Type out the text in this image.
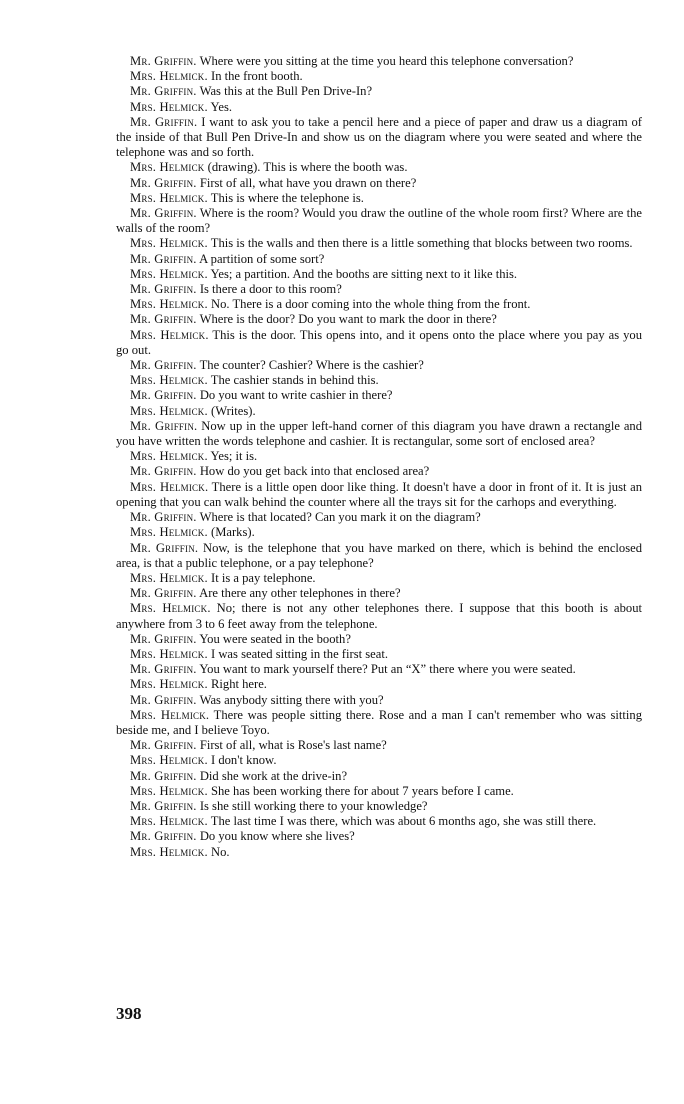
Mr. Griffin. Where were you sitting at the time you heard this telephone conversation?

Mrs. Helmick. In the front booth.

Mr. Griffin. Was this at the Bull Pen Drive-In?

Mrs. Helmick. Yes.

Mr. Griffin. I want to ask you to take a pencil here and a piece of paper and draw us a diagram of the inside of that Bull Pen Drive-In and show us on the diagram where you were seated and where the telephone was and so forth.

Mrs. Helmick (drawing). This is where the booth was.

Mr. Griffin. First of all, what have you drawn on there?

Mrs. Helmick. This is where the telephone is.

Mr. Griffin. Where is the room? Would you draw the outline of the whole room first? Where are the walls of the room?

Mrs. Helmick. This is the walls and then there is a little something that blocks between two rooms.

Mr. Griffin. A partition of some sort?

Mrs. Helmick. Yes; a partition. And the booths are sitting next to it like this.

Mr. Griffin. Is there a door to this room?

Mrs. Helmick. No. There is a door coming into the whole thing from the front.

Mr. Griffin. Where is the door? Do you want to mark the door in there?

Mrs. Helmick. This is the door. This opens into, and it opens onto the place where you pay as you go out.

Mr. Griffin. The counter? Cashier? Where is the cashier?

Mrs. Helmick. The cashier stands in behind this.

Mr. Griffin. Do you want to write cashier in there?

Mrs. Helmick. (Writes).

Mr. Griffin. Now up in the upper left-hand corner of this diagram you have drawn a rectangle and you have written the words telephone and cashier. It is rectangular, some sort of enclosed area?

Mrs. Helmick. Yes; it is.

Mr. Griffin. How do you get back into that enclosed area?

Mrs. Helmick. There is a little open door like thing. It doesn't have a door in front of it. It is just an opening that you can walk behind the counter where all the trays sit for the carhops and everything.

Mr. Griffin. Where is that located? Can you mark it on the diagram?

Mrs. Helmick. (Marks).

Mr. Griffin. Now, is the telephone that you have marked on there, which is behind the enclosed area, is that a public telephone, or a pay telephone?

Mrs. Helmick. It is a pay telephone.

Mr. Griffin. Are there any other telephones in there?

Mrs. Helmick. No; there is not any other telephones there. I suppose that this booth is about anywhere from 3 to 6 feet away from the telephone.

Mr. Griffin. You were seated in the booth?

Mrs. Helmick. I was seated sitting in the first seat.

Mr. Griffin. You want to mark yourself there? Put an “X” there where you were seated.

Mrs. Helmick. Right here.

Mr. Griffin. Was anybody sitting there with you?

Mrs. Helmick. There was people sitting there. Rose and a man I can't remember who was sitting beside me, and I believe Toyo.

Mr. Griffin. First of all, what is Rose's last name?

Mrs. Helmick. I don't know.

Mr. Griffin. Did she work at the drive-in?

Mrs. Helmick. She has been working there for about 7 years before I came.

Mr. Griffin. Is she still working there to your knowledge?

Mrs. Helmick. The last time I was there, which was about 6 months ago, she was still there.

Mr. Griffin. Do you know where she lives?

Mrs. Helmick. No.

398
